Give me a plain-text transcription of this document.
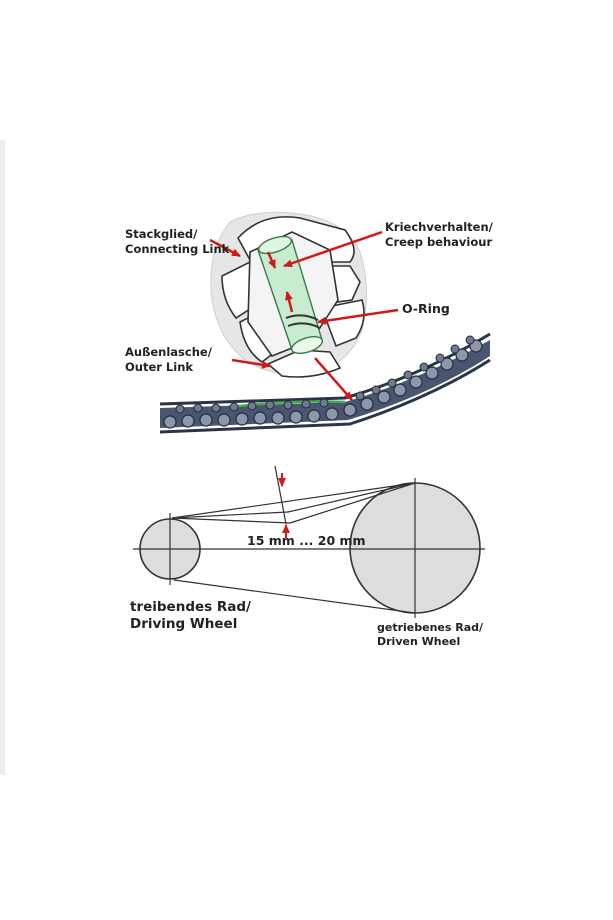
Stackglied/ Connecting Link
Kriechverhalten/ Creep behaviour
O-Ring
Außenlasche/ Outer Link
15 mm ... 20 mm
treibendes Rad/ Driving Wheel	getriebenes Rad/ Driven Wheel
